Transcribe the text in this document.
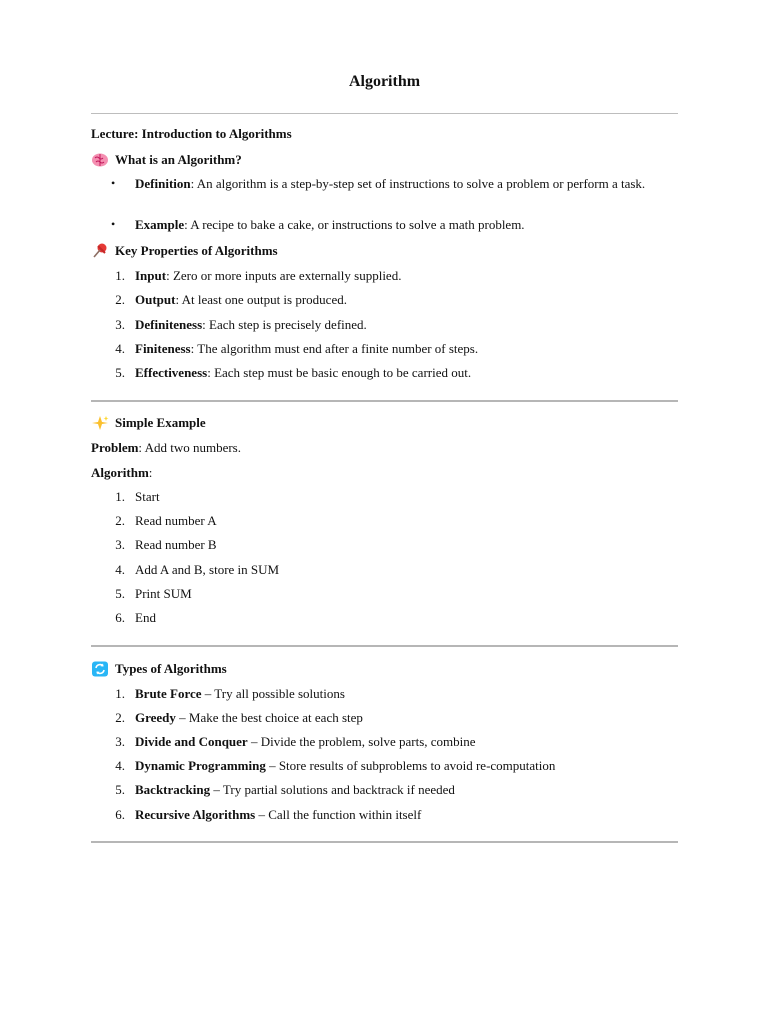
Algorithm
Lecture: Introduction to Algorithms
What is an Algorithm?
• Definition: An algorithm is a step-by-step set of instructions to solve a problem or perform a task.
• Example: A recipe to bake a cake, or instructions to solve a math problem.
Key Properties of Algorithms
1. Input: Zero or more inputs are externally supplied.
2. Output: At least one output is produced.
3. Definiteness: Each step is precisely defined.
4. Finiteness: The algorithm must end after a finite number of steps.
5. Effectiveness: Each step must be basic enough to be carried out.
Simple Example
Problem: Add two numbers.
Algorithm:
1. Start
2. Read number A
3. Read number B
4. Add A and B, store in SUM
5. Print SUM
6. End
Types of Algorithms
1. Brute Force – Try all possible solutions
2. Greedy – Make the best choice at each step
3. Divide and Conquer – Divide the problem, solve parts, combine
4. Dynamic Programming – Store results of subproblems to avoid re-computation
5. Backtracking – Try partial solutions and backtrack if needed
6. Recursive Algorithms – Call the function within itself
